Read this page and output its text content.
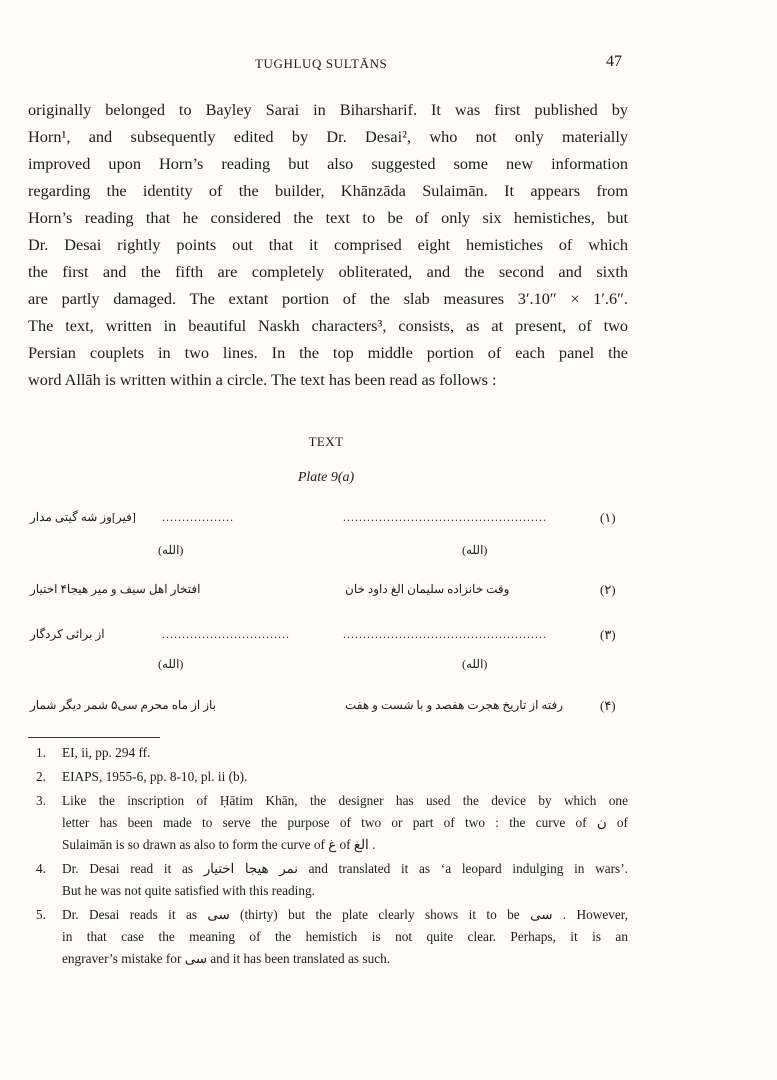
TUGHLUQ SULTĀNS	47
originally belonged to Bayley Sarai in Biharsharif. It was first published by
Horn¹, and subsequently edited by Dr. Desai², who not only materially
improved upon Horn’s reading but also suggested some new information
regarding the identity of the builder, Khānzāda Sulaimān. It appears from
Horn’s reading that he considered the text to be of only six hemistiches, but
Dr. Desai rightly points out that it comprised eight hemistiches of which
the first and the fifth are completely obliterated, and the second and sixth
are partly damaged. The extant portion of the slab measures 3′.10″ × 1′.6″.
The text, written in beautiful Naskh characters³, consists, as at present, of two
Persian couplets in two lines. In the top middle portion of each panel the
word Allāh is written within a circle. The text has been read as follows :
TEXT
Plate 9(a)
[فیر]وز شه گیتی مدار ..................	...................................................	(۱)
(الله)	(الله)
افتخار اهل سیف و میر هیجا۴ اختیار	وقت خانزاده سلیمان الغ داود خان	(۲)
از برائی کردگار	................................	...................................................	(۳)
(الله)	(الله)
باز از ماه محرم سی۵ شمر دیگر شمار	رفته از تاریخ هجرت هفصد و با شست و هفت	(۴)
1. EI, ii, pp. 294 ff.
2. EIAPS, 1955-6, pp. 8-10, pl. ii (b).
3. Like the inscription of Ḥātim Khān, the designer has used the device by which one
letter has been made to serve the purpose of two or part of two : the curve of ن of
Sulaimān is so drawn as also to form the curve of غ of الغ .
4. Dr. Desai read it as نمر هیجا اختیار and translated it as ‘a leopard indulging in wars’.
But he was not quite satisfied with this reading.
5. Dr. Desai reads it as سی (thirty) but the plate clearly shows it to be سی . However,
in that case the meaning of the hemistich is not quite clear. Perhaps, it is an
engraver’s mistake for سی and it has been translated as such.
